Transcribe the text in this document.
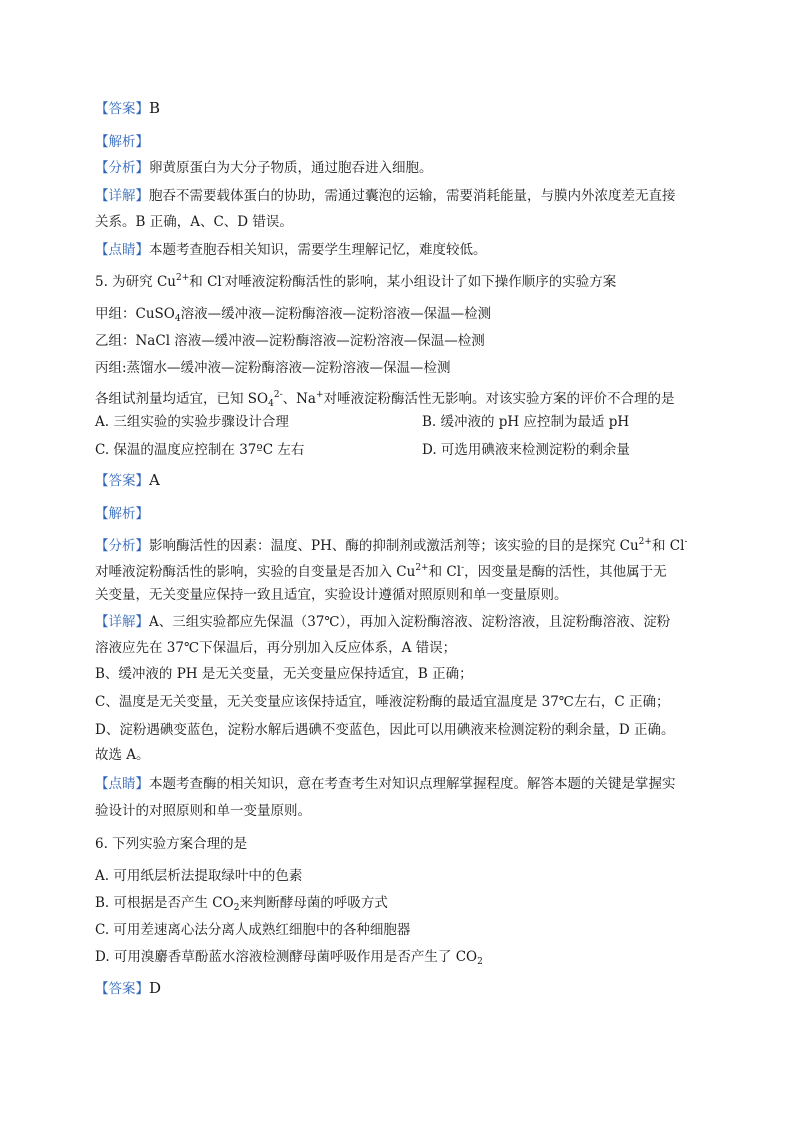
【答案】B
【解析】
【分析】卵黄原蛋白为大分子物质，通过胞吞进入细胞。
【详解】胞吞不需要载体蛋白的协助，需通过囊泡的运输，需要消耗能量，与膜内外浓度差无直接
关系。B 正确，A、C、D 错误。
【点睛】本题考查胞吞相关知识，需要学生理解记忆，难度较低。
5. 为研究 $Cu^{2+}$和 Cl-对唾液淀粉酶活性的影响，某小组设计了如下操作顺序的实验方案
甲组：CuSO$_4$溶液—缓冲液—淀粉酶溶液—淀粉溶液—保温—检测
乙组：NaCl 溶液—缓冲液—淀粉酶溶液—淀粉溶液—保温—检测
丙组:蒸馏水—缓冲液—淀粉酶溶液—淀粉溶液—保温—检测
各组试剂量均适宜，已知 $SO_4^{2-}$、Na+对唾液淀粉酶活性无影响。对该实验方案的评价不合理的是
A. 三组实验的实验步骤设计合理	B. 缓冲液的 pH 应控制为最适 pH
C. 保温的温度应控制在 37ºC 左右	D. 可选用碘液来检测淀粉的剩余量
【答案】A
【解析】
【分析】影响酶活性的因素：温度、PH、酶的抑制剂或激活剂等；该实验的目的是探究 $Cu^{2+}$和 Cl-
对唾液淀粉酶活性的影响，实验的自变量是否加入 $Cu^{2+}$和 Cl-，因变量是酶的活性，其他属于无
关变量，无关变量应保持一致且适宜，实验设计遵循对照原则和单一变量原则。
【详解】A、三组实验都应先保温（37℃），再加入淀粉酶溶液、淀粉溶液，且淀粉酶溶液、淀粉
溶液应先在 37℃下保温后，再分别加入反应体系，A 错误；
B、缓冲液的 PH 是无关变量，无关变量应保持适宜，B 正确；
C、温度是无关变量，无关变量应该保持适宜，唾液淀粉酶的最适宜温度是 37℃左右，C 正确；
D、淀粉遇碘变蓝色，淀粉水解后遇碘不变蓝色，因此可以用碘液来检测淀粉的剩余量，D 正确。
故选 A。
【点睛】本题考查酶的相关知识，意在考查考生对知识点理解掌握程度。解答本题的关键是掌握实
验设计的对照原则和单一变量原则。
6. 下列实验方案合理的是
A. 可用纸层析法提取绿叶中的色素
B. 可根据是否产生 $CO_2$来判断酵母菌的呼吸方式
C. 可用差速离心法分离人成熟红细胞中的各种细胞器
D. 可用溴麝香草酚蓝水溶液检测酵母菌呼吸作用是否产生了 $CO_2$
【答案】D
